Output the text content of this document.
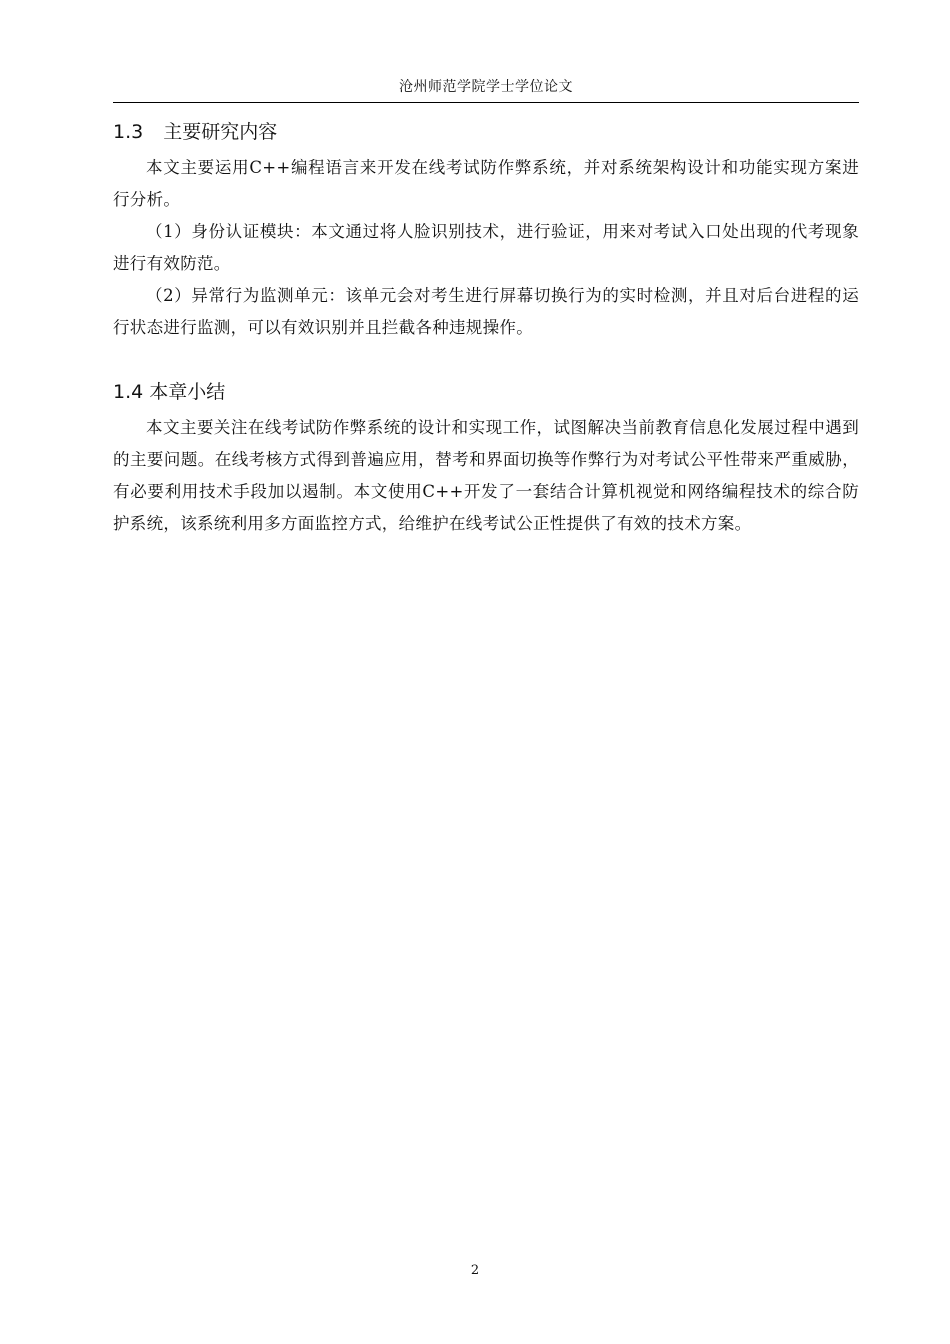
沧州师范学院学士学位论文
1.3 主要研究内容

本文主要运用C++编程语言来开发在线考试防作弊系统，并对系统架构设计和功能实现方案进行分析。

（1）身份认证模块：本文通过将人脸识别技术，进行验证，用来对考试入口处出现的代考现象进行有效防范。

（2）异常行为监测单元：该单元会对考生进行屏幕切换行为的实时检测，并且对后台进程的运行状态进行监测，可以有效识别并且拦截各种违规操作。

1.4 本章小结

本文主要关注在线考试防作弊系统的设计和实现工作，试图解决当前教育信息化发展过程中遇到的主要问题。在线考核方式得到普遍应用，替考和界面切换等作弊行为对考试公平性带来严重威胁，有必要利用技术手段加以遏制。本文使用C++开发了一套结合计算机视觉和网络编程技术的综合防护系统，该系统利用多方面监控方式，给维护在线考试公正性提供了有效的技术方案。

2
